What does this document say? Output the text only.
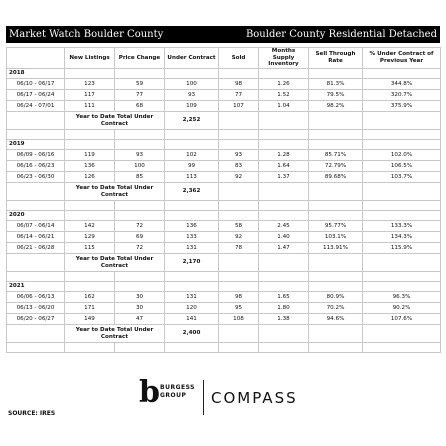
Market Watch Boulder County	Boulder County Residential Detached
	New Listings	Price Change	Under Contract	Sold	Months Supply Inventory	Sell Through Rate	% Under Contract of Previous Year
2018							
06/10 - 06/17	123	59	100	98	1.26	81.3%	344.8%
06/17 - 06/24	117	77	93	77	1.52	79.5%	320.7%
06/24 - 07/01	111	68	109	107	1.04	98.2%	375.9%
	Year to Date Total Under Contract		2,252				

2019							
06/09 - 06/16	119	93	102	93	1.28	85.71%	102.0%
06/16 - 06/23	136	100	99	83	1.64	72.79%	106.5%
06/23 - 06/30	126	85	113	92	1.37	89.68%	103.7%
	Year to Date Total Under Contract		2,362				

2020							
06/07 - 06/14	142	72	136	58	2.45	95.77%	133.3%
06/14 - 06/21	129	69	133	92	1.40	103.1%	134.3%
06/21 - 06/28	115	72	131	78	1.47	113.91%	115.9%
	Year to Date Total Under Contract		2,170				

2021							
06/06 - 06/13	162	30	131	98	1.65	80.9%	96.3%
06/13 - 06/20	171	30	120	95	1.80	70.2%	90.2%
06/20 - 06/27	149	47	141	108	1.38	94.6%	107.6%
	Year to Date Total Under Contract		2,400				

b BURGESS
GROUP	COMPASS
SOURCE: IRES
